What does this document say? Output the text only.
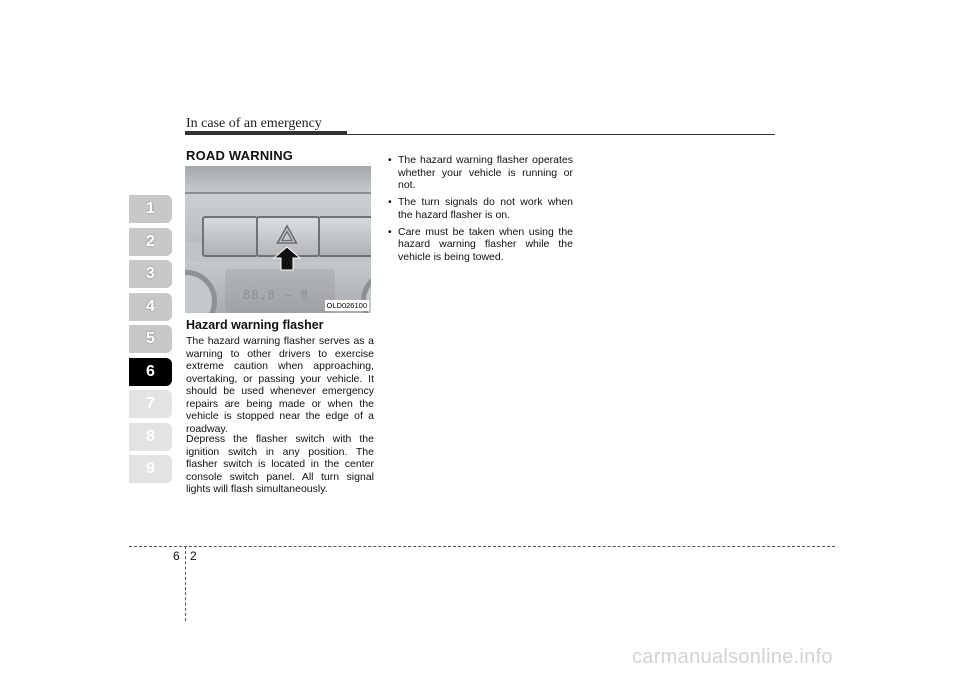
In case of an emergency
1
2
3
4
5
6
7
8
9
ROAD WARNING
88.8 ~ 8
OLD026100
Hazard warning flasher
The hazard warning flasher serves as a warning to other drivers to exercise extreme caution when approaching, overtaking, or passing your vehicle. It should be used whenever emergency repairs are being made or when the vehicle is stopped near the edge of a roadway.
Depress the flasher switch with the ignition switch in any position. The flasher switch is located in the center console switch panel. All turn signal lights will flash simultaneously.
• The hazard warning flasher operates whether your vehicle is running or not.
• The turn signals do not work when the hazard flasher is on.
• Care must be taken when using the hazard warning flasher while the vehicle is being towed.
6 2
carmanualsonline.info
